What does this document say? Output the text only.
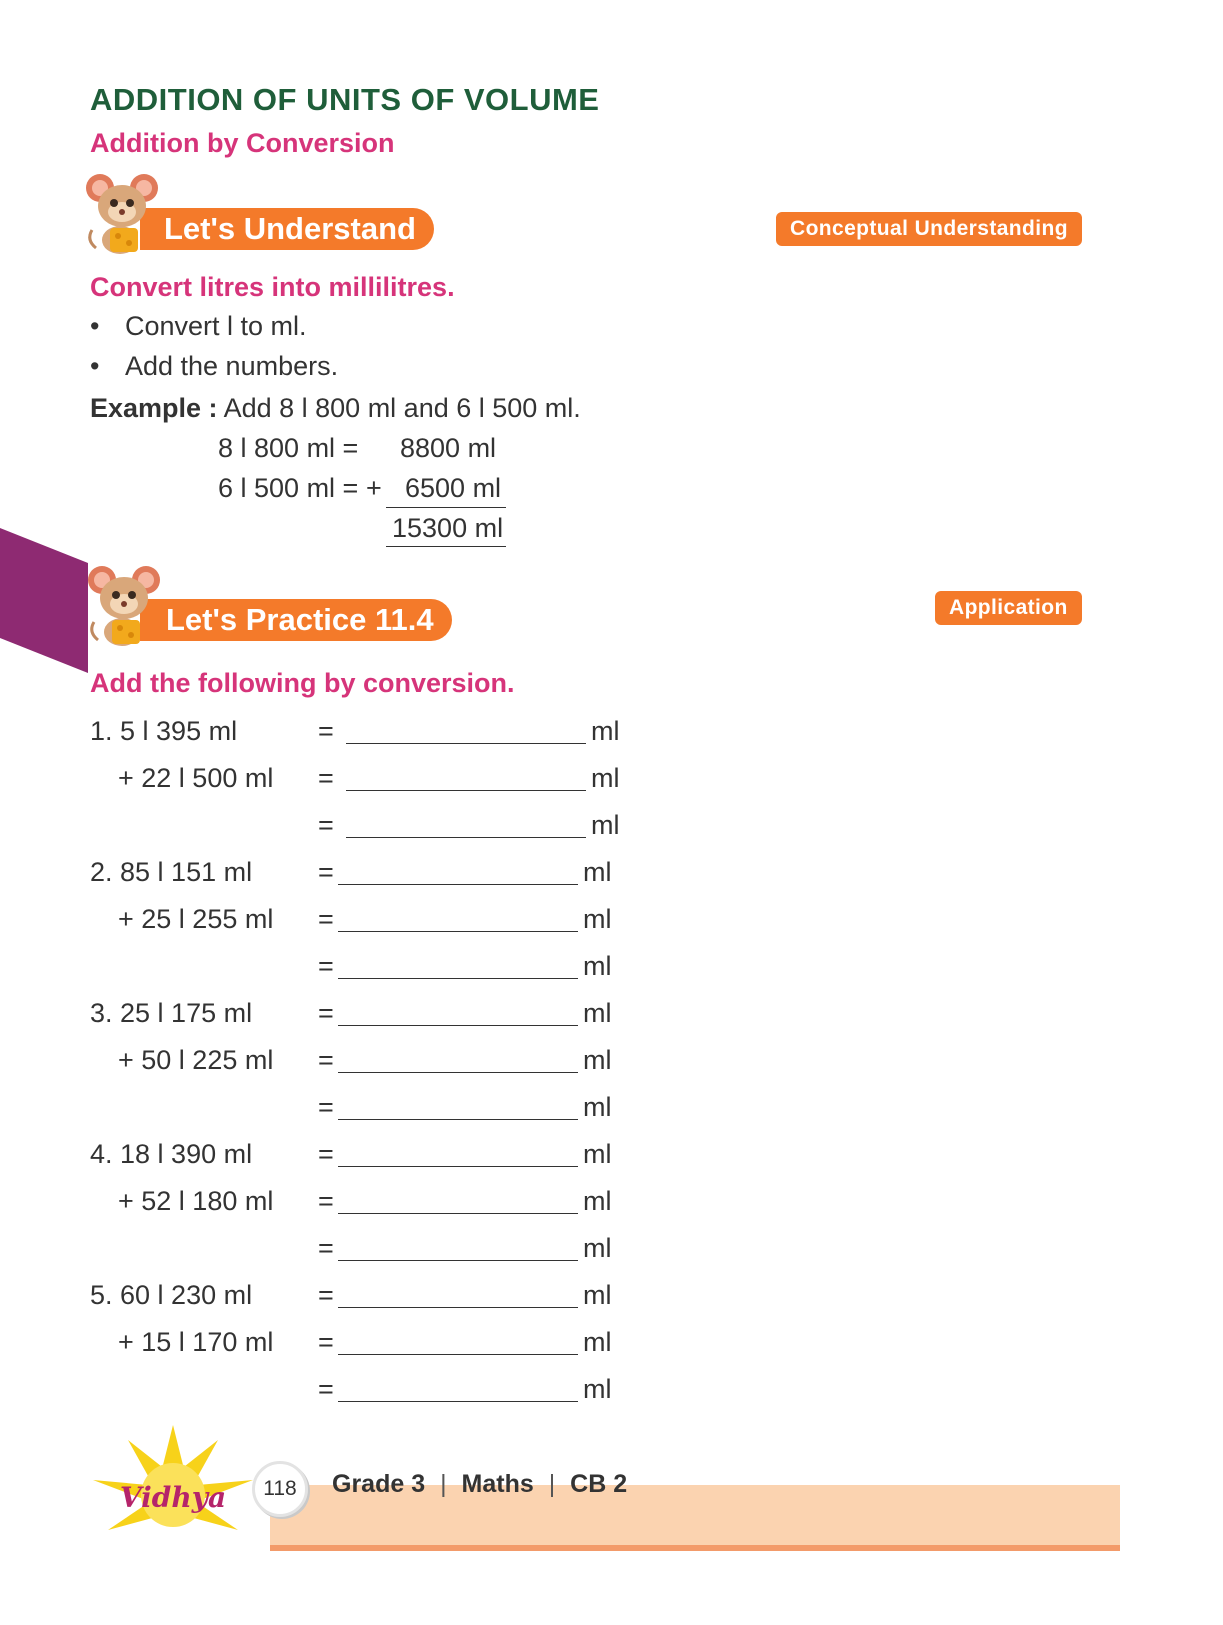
ADDITION OF UNITS OF VOLUME
Addition by Conversion
Let's Understand	Conceptual Understanding
Convert litres into millilitres.
• Convert l to ml.
• Add the numbers.
Example : Add 8 l 800 ml and 6 l 500 ml.
8 l 800 ml = 8800 ml
6 l 500 ml = + 6500 ml
15300 ml
Let's Practice 11.4	Application
Add the following by conversion.
1. 5 l 395 ml	=	ml
+ 22 l 500 ml =	ml
=	ml
2. 85 l 151 ml =	ml
+ 25 l 255 ml =	ml
=	ml
3. 25 l 175 ml =	ml
+ 50 l 225 ml =	ml
=	ml
4. 18 l 390 ml =	ml
+ 52 l 180 ml =	ml
=	ml
5. 60 l 230 ml =	ml
+ 15 l 170 ml =	ml
=	ml
Vidhya	118	Grade 3 | Maths | CB 2
